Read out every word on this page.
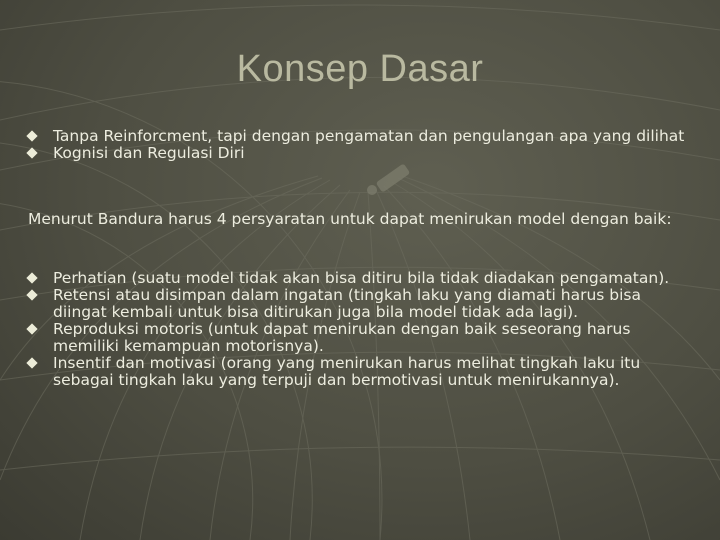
Konsep Dasar

Tanpa Reinforcment, tapi dengan pengamatan dan pengulangan apa yang dilihat

Kognisi dan Regulasi Diri

Menurut Bandura harus 4 persyaratan untuk dapat menirukan model dengan baik:

Perhatian (suatu model tidak akan bisa ditiru bila tidak diadakan pengamatan).

Retensi atau disimpan dalam ingatan (tingkah laku yang diamati harus bisa diingat kembali untuk bisa ditirukan juga bila model tidak ada lagi).

Reproduksi motoris (untuk dapat menirukan dengan baik seseorang harus memiliki kemampuan motorisnya).

Insentif dan motivasi (orang yang menirukan harus melihat tingkah laku itu sebagai tingkah laku yang terpuji dan bermotivasi untuk menirukannya).
